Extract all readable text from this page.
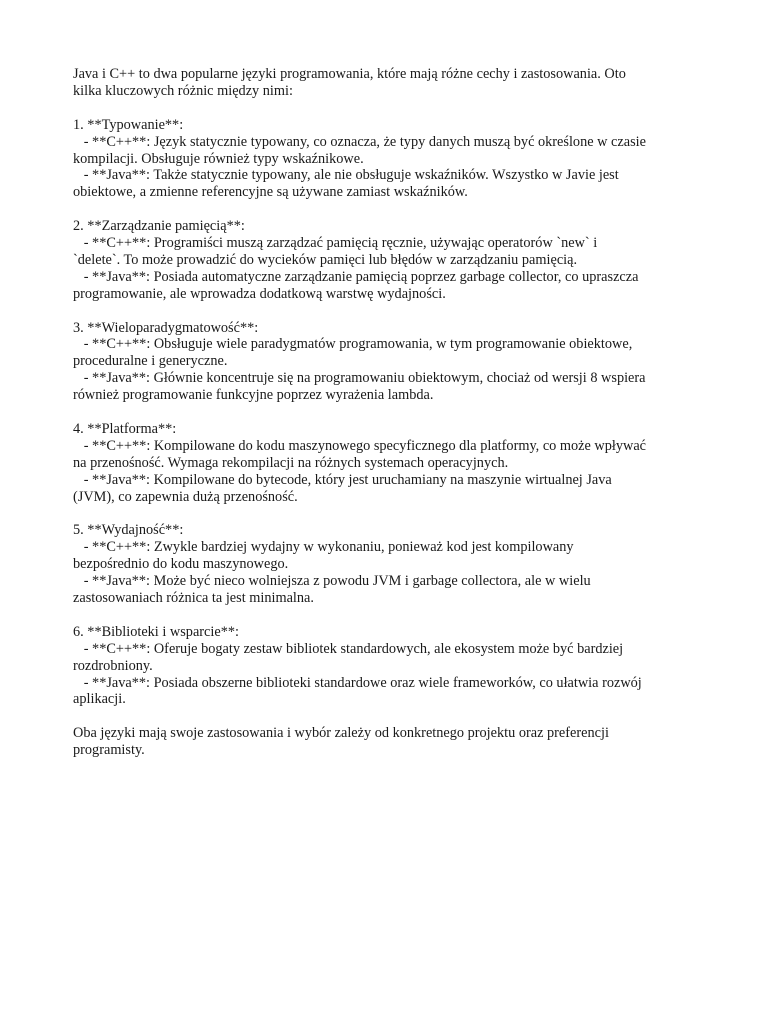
Java i C++ to dwa popularne języki programowania, które mają różne cechy i zastosowania. Oto
kilka kluczowych różnic między nimi:

1. **Typowanie**:
- **C++**: Język statycznie typowany, co oznacza, że typy danych muszą być określone w czasie
kompilacji. Obsługuje również typy wskaźnikowe.
- **Java**: Także statycznie typowany, ale nie obsługuje wskaźników. Wszystko w Javie jest
obiektowe, a zmienne referencyjne są używane zamiast wskaźników.

2. **Zarządzanie pamięcią**:
- **C++**: Programiści muszą zarządzać pamięcią ręcznie, używając operatorów `new` i
`delete`. To może prowadzić do wycieków pamięci lub błędów w zarządzaniu pamięcią.
- **Java**: Posiada automatyczne zarządzanie pamięcią poprzez garbage collector, co upraszcza
programowanie, ale wprowadza dodatkową warstwę wydajności.

3. **Wieloparadygmatowość**:
- **C++**: Obsługuje wiele paradygmatów programowania, w tym programowanie obiektowe,
proceduralne i generyczne.
- **Java**: Głównie koncentruje się na programowaniu obiektowym, chociaż od wersji 8 wspiera
również programowanie funkcyjne poprzez wyrażenia lambda.

4. **Platforma**:
- **C++**: Kompilowane do kodu maszynowego specyficznego dla platformy, co może wpływać
na przenośność. Wymaga rekompilacji na różnych systemach operacyjnych.
- **Java**: Kompilowane do bytecode, który jest uruchamiany na maszynie wirtualnej Java
(JVM), co zapewnia dużą przenośność.

5. **Wydajność**:
- **C++**: Zwykle bardziej wydajny w wykonaniu, ponieważ kod jest kompilowany
bezpośrednio do kodu maszynowego.
- **Java**: Może być nieco wolniejsza z powodu JVM i garbage collectora, ale w wielu
zastosowaniach różnica ta jest minimalna.

6. **Biblioteki i wsparcie**:
- **C++**: Oferuje bogaty zestaw bibliotek standardowych, ale ekosystem może być bardziej
rozdrobniony.
- **Java**: Posiada obszerne biblioteki standardowe oraz wiele frameworków, co ułatwia rozwój
aplikacji.

Oba języki mają swoje zastosowania i wybór zależy od konkretnego projektu oraz preferencji
programisty.
